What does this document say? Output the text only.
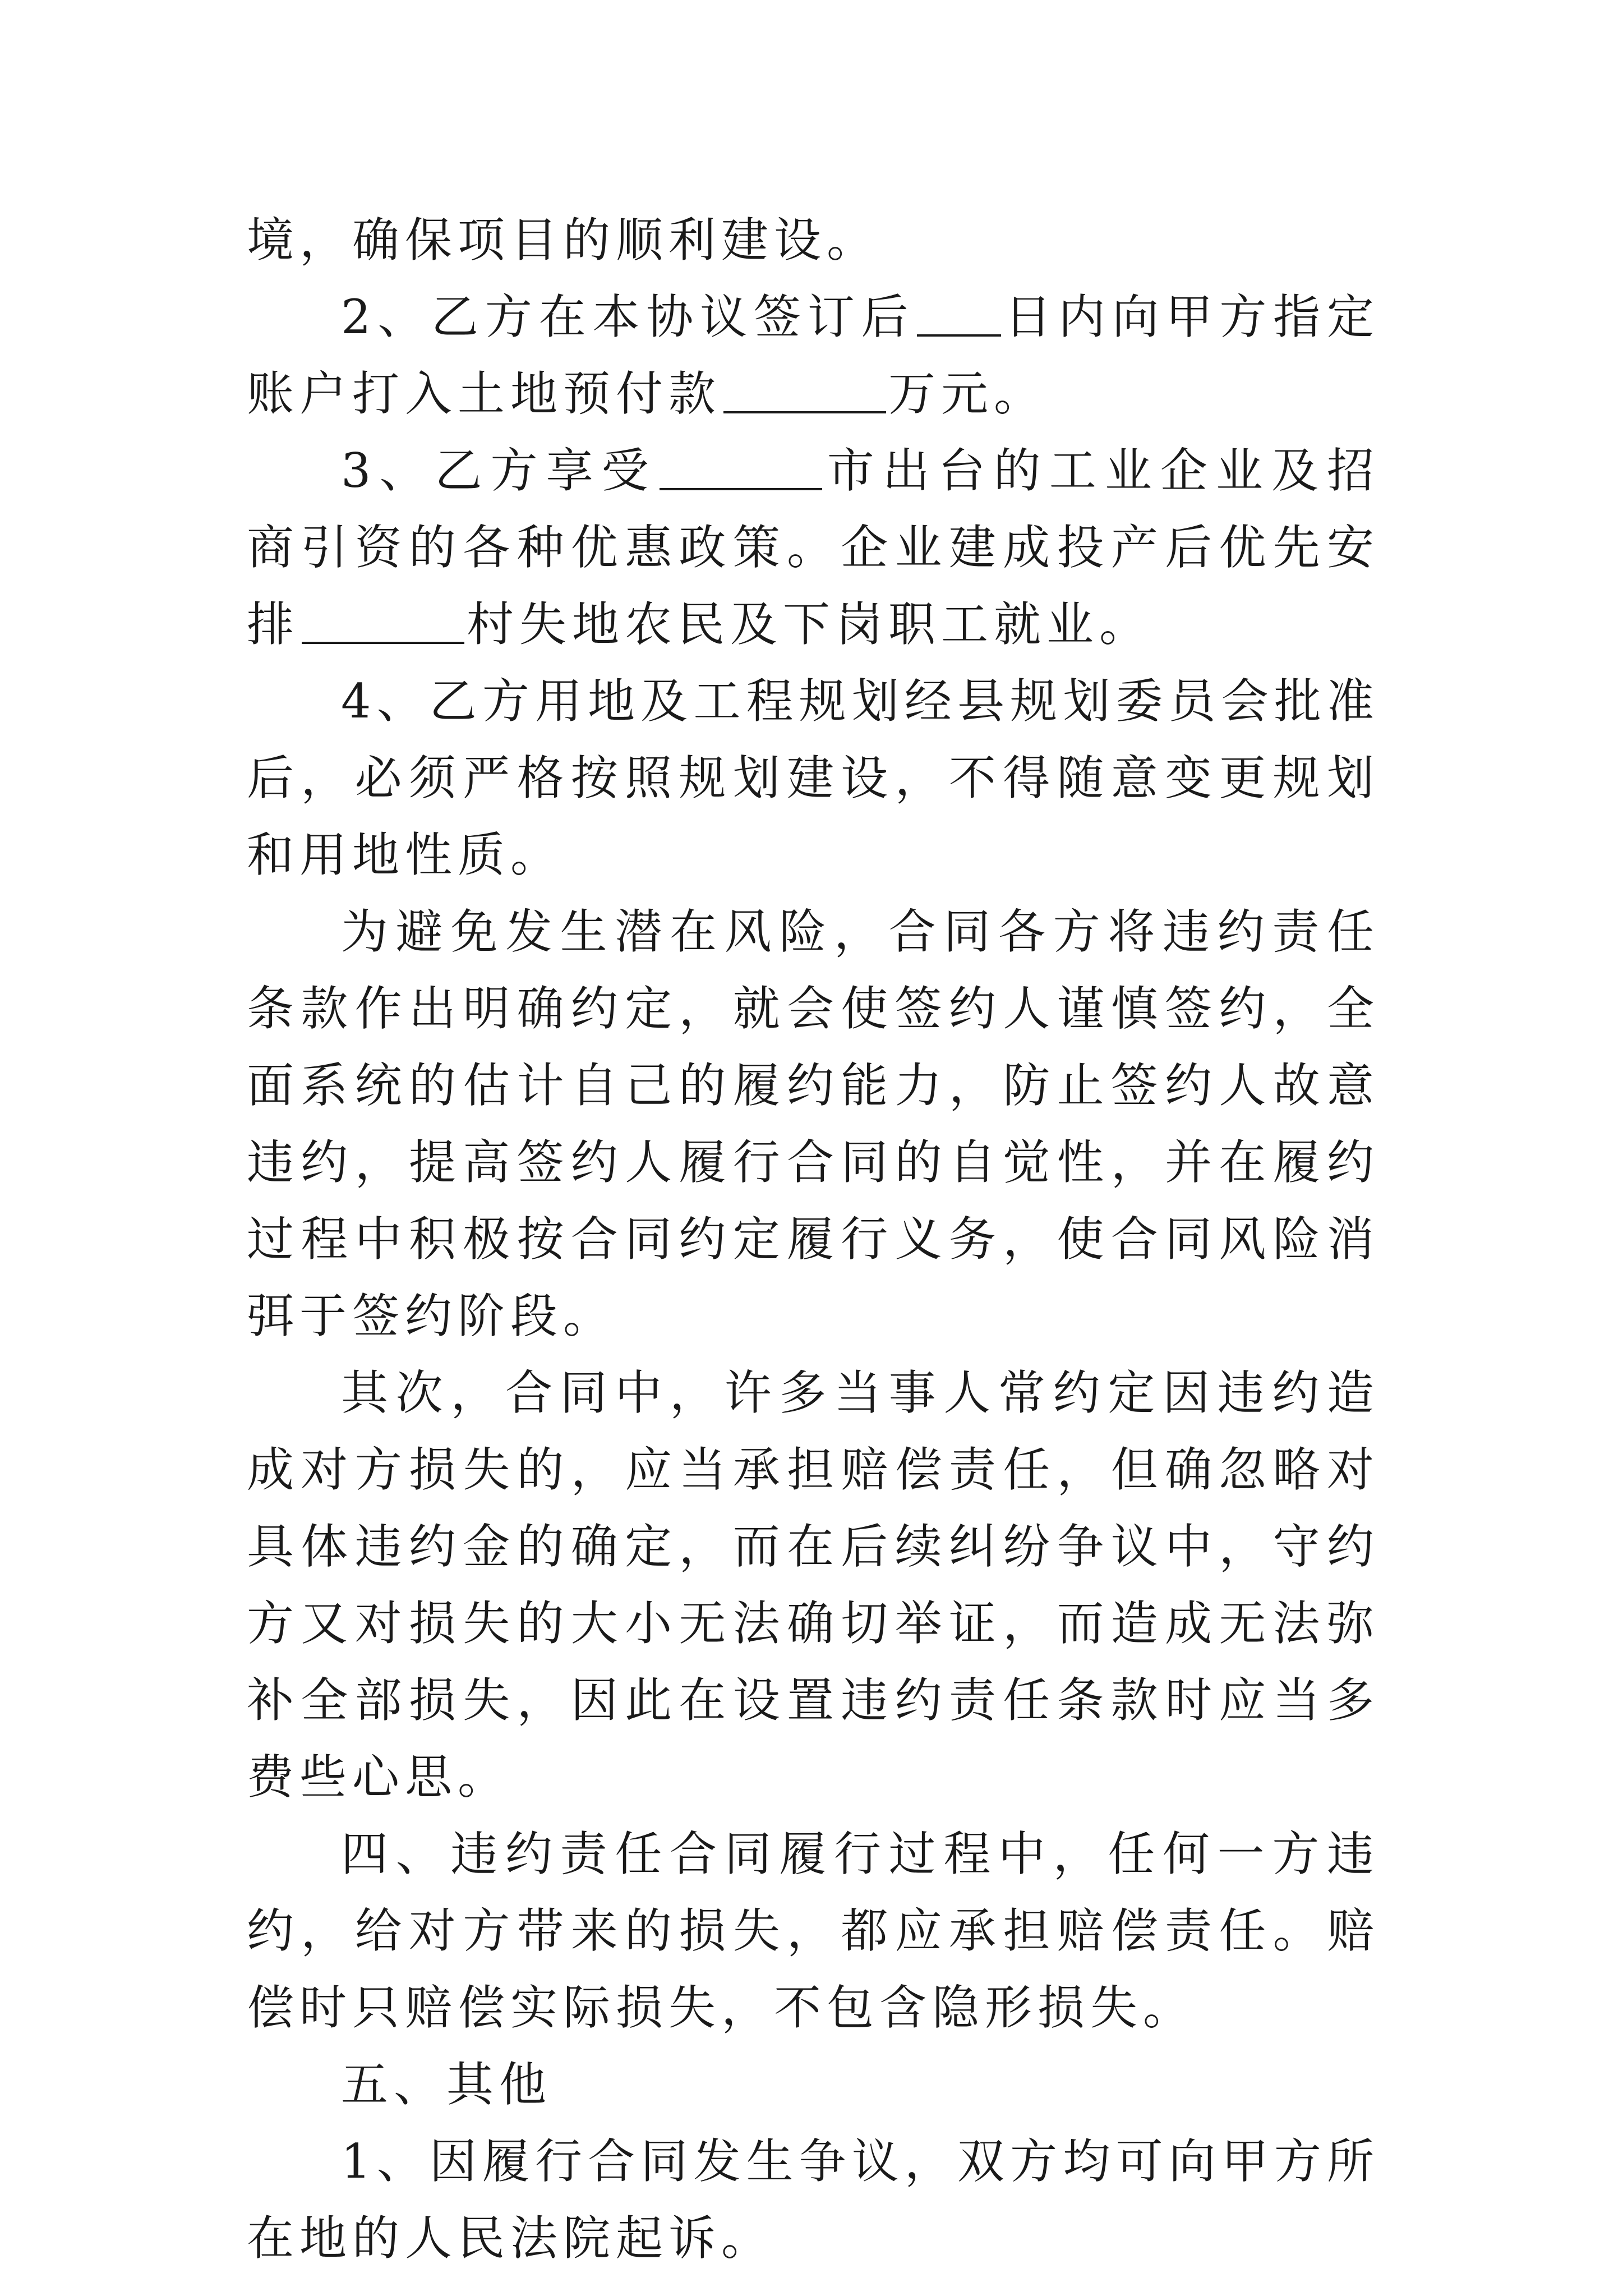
境，确保项目的顺利建设。

2、乙方在本协议签订后 日内向甲方指定账户打入土地预付款	万元。

3、乙方享受	市出台的工业企业及招商引资的各种优惠政策。企业建成投产后优先安排	村失地农民及下岗职工就业。

4、乙方用地及工程规划经县规划委员会批准后，必须严格按照规划建设，不得随意变更规划和用地性质。

为避免发生潜在风险，合同各方将违约责任条款作出明确约定，就会使签约人谨慎签约，全面系统的估计自己的履约能力，防止签约人故意违约，提高签约人履行合同的自觉性，并在履约过程中积极按合同约定履行义务，使合同风险消弭于签约阶段。

其次，合同中，许多当事人常约定因违约造成对方损失的，应当承担赔偿责任，但确忽略对具体违约金的确定，而在后续纠纷争议中，守约方又对损失的大小无法确切举证，而造成无法弥补全部损失，因此在设置违约责任条款时应当多费些心思。

四、违约责任合同履行过程中，任何一方违约，给对方带来的损失，都应承担赔偿责任。赔偿时只赔偿实际损失，不包含隐形损失。

五、其他

1、因履行合同发生争议，双方均可向甲方所在地的人民法院起诉。
